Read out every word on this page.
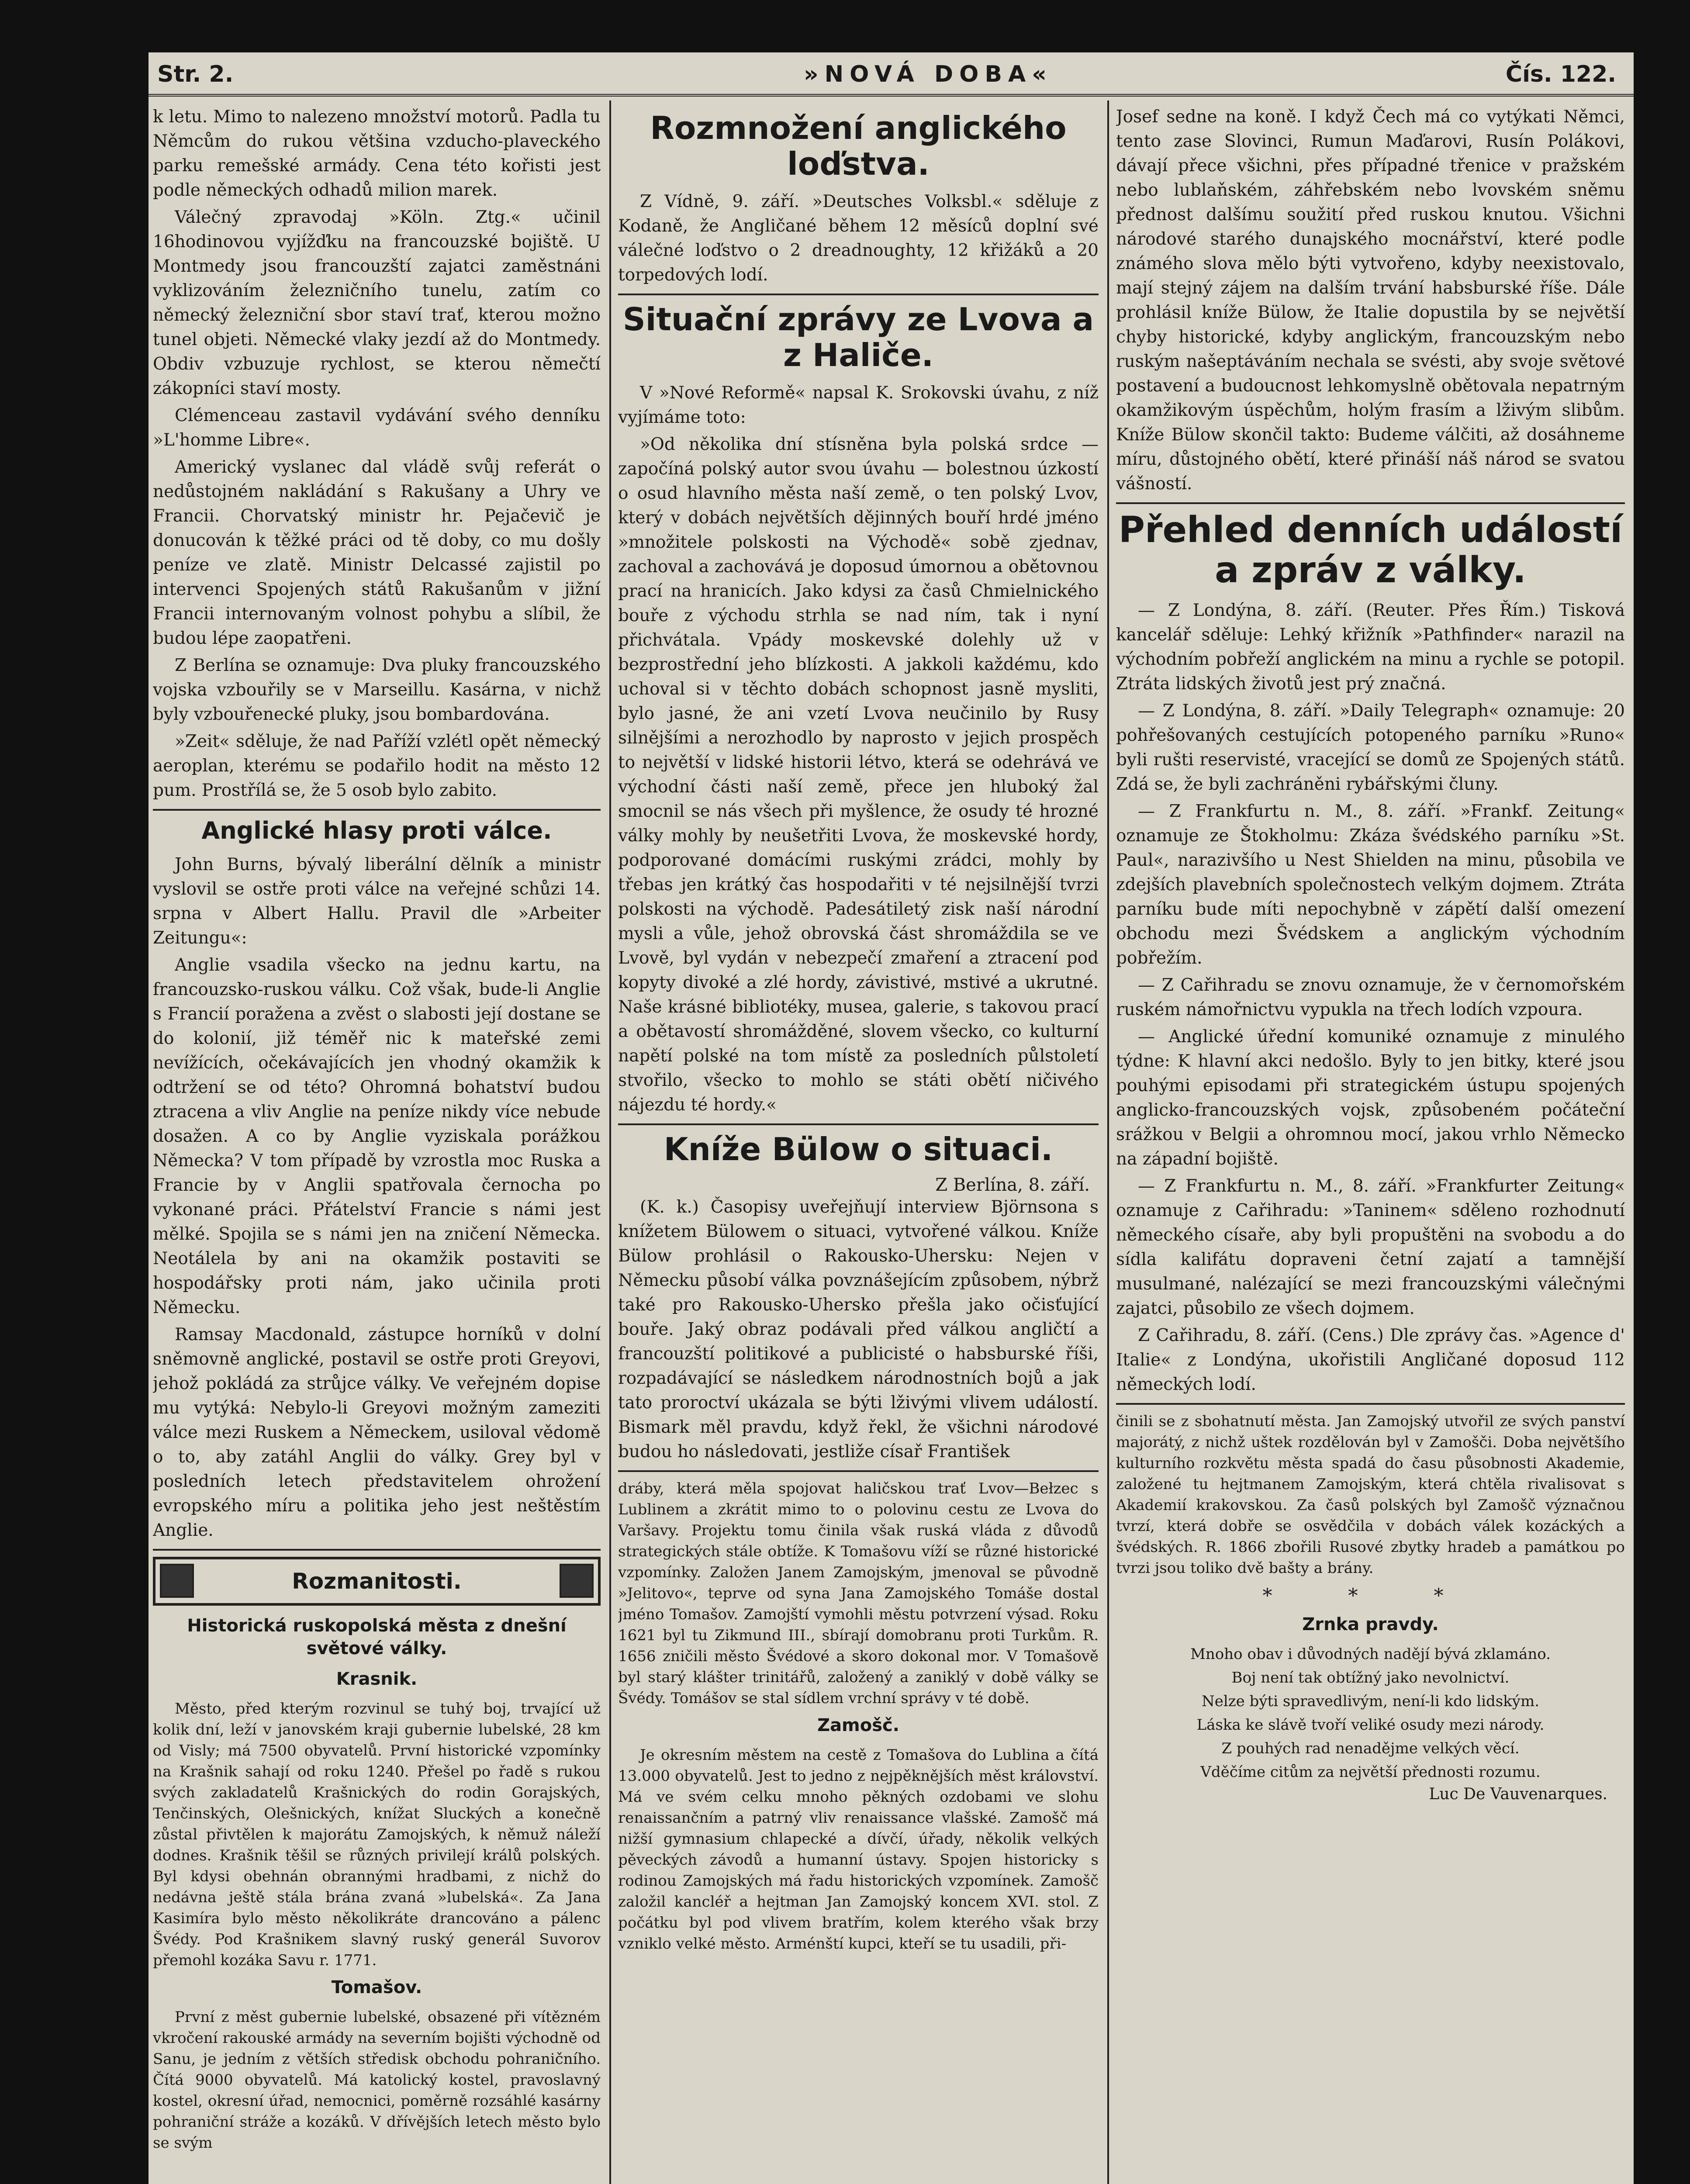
Str. 2.	»NOVÁ DOBA«	Čís. 122.

k letu. Mimo to nalezeno množství motorů. Padla tu Němcům do rukou většina vzducho-plaveckého parku remešské armády. Cena této kořisti jest podle německých odhadů milion marek.

Válečný zpravodaj »Köln. Ztg.« učinil 16hodinovou vyjížďku na francouzské bojiště. U Montmedy jsou francouzští zajatci zaměstnáni vyklizováním železničního tunelu, zatím co německý železniční sbor staví trať, kterou možno tunel objeti. Německé vlaky jezdí až do Montmedy. Obdiv vzbuzuje rychlost, se kterou němečtí zákopníci staví mosty.

Clémenceau zastavil vydávání svého denníku »L'homme Libre«.

Americký vyslanec dal vládě svůj referát o nedůstojném nakládání s Rakušany a Uhry ve Francii. Chorvatský ministr hr. Pejačevič je donucován k těžké práci od tě doby, co mu došly peníze ve zlatě. Ministr Delcassé zajistil po intervenci Spojených států Rakušanům v jižní Francii internovaným volnost pohybu a slíbil, že budou lépe zaopatřeni.

Z Berlína se oznamuje: Dva pluky francouzského vojska vzbouřily se v Marseillu. Kasárna, v nichž byly vzbouřenecké pluky, jsou bombardována.

»Zeit« sděluje, že nad Paříží vzlétl opět německý aeroplan, kterému se podařilo hodit na město 12 pum. Prostřílá se, že 5 osob bylo zabito.

Anglické hlasy proti válce.

John Burns, bývalý liberální dělník a ministr vyslovil se ostře proti válce na veřejné schůzi 14. srpna v Albert Hallu. Pravil dle »Arbeiter Zeitungu«:

Anglie vsadila všecko na jednu kartu, na francouzsko-ruskou válku. Což však, bude-li Anglie s Francií poražena a zvěst o slabosti její dostane se do kolonií, již téměř nic k mateřské zemi nevížících, očekávajících jen vhodný okamžik k odtržení se od této? Ohromná bohatství budou ztracena a vliv Anglie na peníze nikdy více nebude dosažen. A co by Anglie vyziskala porážkou Německa? V tom případě by vzrostla moc Ruska a Francie by v Anglii spatřovala černocha po vykonané práci. Přátelství Francie s námi jest mělké. Spojila se s námi jen na zničení Německa. Neotálela by ani na okamžik postaviti se hospodářsky proti nám, jako učinila proti Německu.

Ramsay Macdonald, zástupce horníků v dolní sněmovně anglické, postavil se ostře proti Greyovi, jehož pokládá za strůjce války. Ve veřejném dopise mu vytýká: Nebylo-li Greyovi možným zameziti válce mezi Ruskem a Německem, usiloval vědomě o to, aby zatáhl Anglii do války. Grey byl v posledních letech představitelem ohrožení evropského míru a politika jeho jest neštěstím Anglie.

Rozmanitosti.
Historická ruskopolská města z dnešní světové války.
Krasnik.

Město, před kterým rozvinul se tuhý boj, trvající už kolik dní, leží v janovském kraji gubernie lubelské, 28 km od Visly; má 7500 obyvatelů. První historické vzpomínky na Krašnik sahají od roku 1240. Přešel po řadě s rukou svých zakladatelů Krašnických do rodin Gorajských, Tenčinských, Olešnických, knížat Sluckých a konečně zůstal přivtělen k majorátu Zamojských, k němuž náleží dodnes. Krašnik těšil se různých privilejí králů polských. Byl kdysi obehnán obrannými hradbami, z nichž do nedávna ještě stála brána zvaná »lubelská«. Za Jana Kasimíra bylo město několikráte drancováno a pálenc Švédy. Pod Krašnikem slavný ruský generál Suvorov přemohl kozáka Savu r. 1771.

Tomašov.

První z měst gubernie lubelské, obsazené při vítězném vkročení rakouské armády na severním bojišti východně od Sanu, je jedním z větších středisk obchodu pohraničního. Čítá 9000 obyvatelů. Má katolický kostel, pravoslavný kostel, okresní úřad, nemocnici, poměrně rozsáhlé kasárny pohraniční stráže a kozáků. V dřívějších letech město bylo se svým

Rozmnožení anglického loďstva.

Z Vídně, 9. září. »Deutsches Volksbl.« sděluje z Kodaně, že Angličané během 12 měsíců doplní své válečné loďstvo o 2 dreadnoughty, 12 křižáků a 20 torpedových lodí.

Situační zprávy ze Lvova a z Haliče.

V »Nové Reformě« napsal K. Srokovski úvahu, z níž vyjímáme toto:

»Od několika dní stísněna byla polská srdce — započíná polský autor svou úvahu — bolestnou úzkostí o osud hlavního města naší země, o ten polský Lvov, který v dobách největších dějinných bouří hrdé jméno »množitele polskosti na Východě« sobě zjednav, zachoval a zachovává je doposud úmornou a obětovnou prací na hranicích. Jako kdysi za časů Chmielnického bouře z východu strhla se nad ním, tak i nyní přichvátala. Vpády moskevské dolehly už v bezprostřední jeho blízkosti. A jakkoli každému, kdo uchoval si v těchto dobách schopnost jasně mysliti, bylo jasné, že ani vzetí Lvova neučinilo by Rusy silnějšími a nerozhodlo by naprosto v jejich prospěch to největší v lidské historii létvo, která se odehrává ve východní části naší země, přece jen hluboký žal smocnil se nás všech při myšlence, že osudy té hrozné války mohly by neušetřiti Lvova, že moskevské hordy, podporované domácími ruskými zrádci, mohly by třebas jen krátký čas hospodařiti v té nejsilnější tvrzi polskosti na východě. Padesátiletý zisk naší národní mysli a vůle, jehož obrovská část shromáždila se ve Lvově, byl vydán v nebezpečí zmaření a ztracení pod kopyty divoké a zlé hordy, závistivé, mstivé a ukrutné. Naše krásné bibliotéky, musea, galerie, s takovou prací a obětavostí shromážděné, slovem všecko, co kulturní napětí polské na tom místě za posledních půlstoletí stvořilo, všecko to mohlo se státi obětí ničivého nájezdu té hordy.«

Kníže Bülow o situaci.
Z Berlína, 8. září.

(K. k.) Časopisy uveřejňují interview Björnsona s knížetem Bülowem o situaci, vytvořené válkou. Kníže Bülow prohlásil o Rakousko-Uhersku: Nejen v Německu působí válka povznášejícím způsobem, nýbrž také pro Rakousko-Uhersko přešla jako očisťující bouře. Jaký obraz podávali před válkou angličtí a francouzští politikové a publicisté o habsburské říši, rozpadávající se následkem národnostních bojů a jak tato proroctví ukázala se býti lživými vlivem událostí. Bismark měl pravdu, když řekl, že všichni národové budou ho následovati, jestliže císař František

dráby, která měla spojovat haličskou trať Lvov—Bełzec s Lublinem a zkrátit mimo to o polovinu cestu ze Lvova do Varšavy. Projektu tomu činila však ruská vláda z důvodů strategických stále obtíže. K Tomašovu víží se různé historické vzpomínky. Založen Janem Zamojským, jmenoval se původně »Jelitovo«, teprve od syna Jana Zamojského Tomáše dostal jméno Tomašov. Zamojští vymohli městu potvrzení výsad. Roku 1621 byl tu Zikmund III., sbírají domobranu proti Turkům. R. 1656 zničili město Švédové a skoro dokonal mor. V Tomašově byl starý klášter trinitářů, založený a zaniklý v době války se Švédy. Tomášov se stal sídlem vrchní správy v té době.

Zamošč.

Je okresním městem na cestě z Tomašova do Lublina a čítá 13.000 obyvatelů. Jest to jedno z nejpěknějších měst království. Má ve svém celku mnoho pěkných ozdobami ve slohu renaissančním a patrný vliv renaissance vlašské. Zamošč má nižší gymnasium chlapecké a dívčí, úřady, několik velkých pěveckých závodů a humanní ústavy. Spojen historicky s rodinou Zamojských má řadu historických vzpomínek. Zamošč založil kancléř a hejtman Jan Zamojský koncem XVI. stol. Z počátku byl pod vlivem bratřím, kolem kterého však brzy vzniklo velké město. Arménští kupci, kteří se tu usadili, při-

Josef sedne na koně. I když Čech má co vytýkati Němci, tento zase Slovinci, Rumun Maďarovi, Rusín Polákovi, dávají přece všichni, přes případné třenice v pražském nebo lublaňském, záhřebském nebo lvovském sněmu přednost dalšímu soužití před ruskou knutou. Všichni národové starého dunajského mocnářství, které podle známého slova mělo býti vytvořeno, kdyby neexistovalo, mají stejný zájem na dalším trvání habsburské říše. Dále prohlásil kníže Bülow, že Italie dopustila by se největší chyby historické, kdyby anglickým, francouzským nebo ruským našeptáváním nechala se svésti, aby svoje světové postavení a budoucnost lehkomyslně obětovala nepatrným okamžikovým úspěchům, holým frasím a lživým slibům. Kníže Bülow skončil takto: Budeme válčiti, až dosáhneme míru, důstojného obětí, které přináší náš národ se svatou vášností.

Přehled denních událostí a zpráv z války.

— Z Londýna, 8. září. (Reuter. Přes Řím.) Tisková kancelář sděluje: Lehký křižník »Pathfinder« narazil na východním pobřeží anglickém na minu a rychle se potopil. Ztráta lidských životů jest prý značná.

— Z Londýna, 8. září. »Daily Telegraph« oznamuje: 20 pohřešovaných cestujících potopeného parníku »Runo« byli rušti reservisté, vracející se domů ze Spojených států. Zdá se, že byli zachráněni rybářskými čluny.

— Z Frankfurtu n. M., 8. září. »Frankf. Zeitung« oznamuje ze Štokholmu: Zkáza švédského parníku »St. Paul«, narazivšího u Nest Shielden na minu, působila ve zdejších plavebních společnostech velkým dojmem. Ztráta parníku bude míti nepochybně v zápětí další omezení obchodu mezi Švédskem a anglickým východním pobřežím.

— Z Cařihradu se znovu oznamuje, že v černomořském ruském námořnictvu vypukla na třech lodích vzpoura.

— Anglické úřední komuniké oznamuje z minulého týdne: K hlavní akci nedošlo. Byly to jen bitky, které jsou pouhými episodami při strategickém ústupu spojených anglicko-francouzských vojsk, způsobeném počáteční srážkou v Belgii a ohromnou mocí, jakou vrhlo Německo na západní bojiště.

— Z Frankfurtu n. M., 8. září. »Frankfurter Zeitung« oznamuje z Cařihradu: »Taninem« sděleno rozhodnutí německého císaře, aby byli propuštěni na svobodu a do sídla kalifátu dopraveni četní zajatí a tamnější musulmané, nalézající se mezi francouzskými válečnými zajatci, působilo ze všech dojmem.

Z Cařihradu, 8. září. (Cens.) Dle zprávy čas. »Agence d' Italie« z Londýna, ukořistili Angličané doposud 112 německých lodí.

činili se z sbohatnutí města. Jan Zamojský utvořil ze svých panství majorátý, z nichž uštek rozdělován byl v Zamošči. Doba největšího kulturního rozkvětu města spadá do času působnosti Akademie, založené tu hejtmanem Zamojským, která chtěla rivalisovat s Akademií krakovskou. Za časů polských byl Zamošč význačnou tvrzí, která dobře se osvědčila v dobách válek kozáckých a švédských. R. 1866 zbořili Rusové zbytky hradeb a památkou po tvrzi jsou toliko dvě bašty a brány.

* * *
Zrnka pravdy.

Mnoho obav i důvodných nadějí bývá zklamáno.

Boj není tak obtížný jako nevolnictví.

Nelze býti spravedlivým, není-li kdo lidským.

Láska ke slávě tvoří veliké osudy mezi národy.

Z pouhých rad nenadějme velkých věcí.

Vděčíme citům za největší přednosti rozumu.

Luc De Vauvenarques.
